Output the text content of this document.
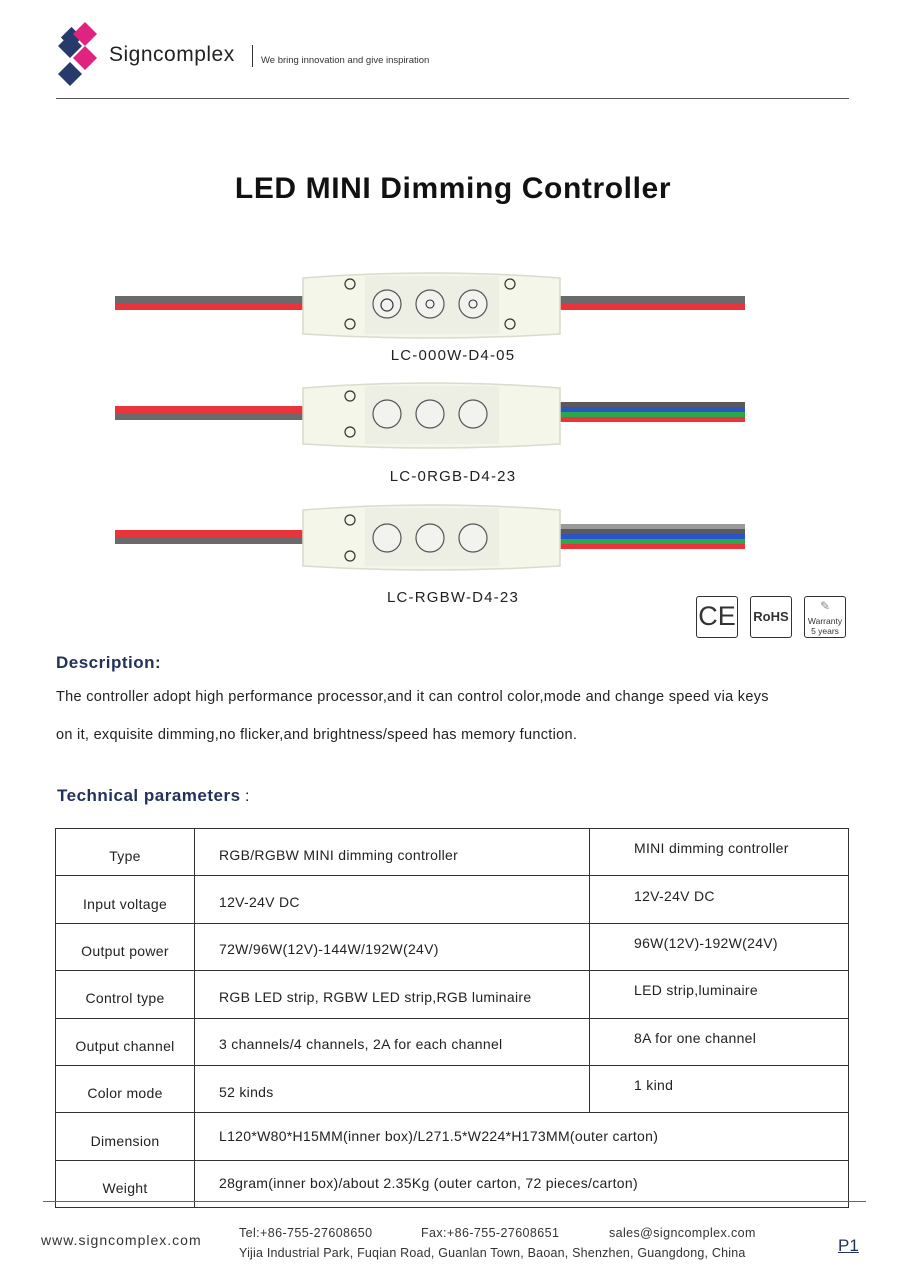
Signcomplex	We bring innovation and give inspiration
LED MINI Dimming Controller
LC-000W-D4-05
LC-0RGB-D4-23
LC-RGBW-D4-23
CE RoHS
✎
Warranty
5 years
Description:
The controller adopt high performance processor,and it can control color,mode and change speed via keys
on it, exquisite dimming,no flicker,and brightness/speed has memory function.
Technical parameters :
Type	RGB/RGBW MINI dimming controller	MINI dimming controller
Input voltage	12V-24V DC	12V-24V DC
Output power	72W/96W(12V)-144W/192W(24V)	96W(12V)-192W(24V)
Control type	RGB LED strip, RGBW LED strip,RGB luminaire	LED strip,luminaire
Output channel	3 channels/4 channels, 2A for each channel	8A for one channel
Color mode	52 kinds	1 kind
Dimension	L120*W80*H15MM(inner box)/L271.5*W224*H173MM(outer carton)	
Weight	28gram(inner box)/about 2.35Kg (outer carton, 72 pieces/carton)	
www.signcomplex.com	Tel:+86-755-27608650	Fax:+86-755-27608651	sales@signcomplex.com
Yijia Industrial Park, Fuqian Road, Guanlan Town, Baoan, Shenzhen, Guangdong, China	P1
